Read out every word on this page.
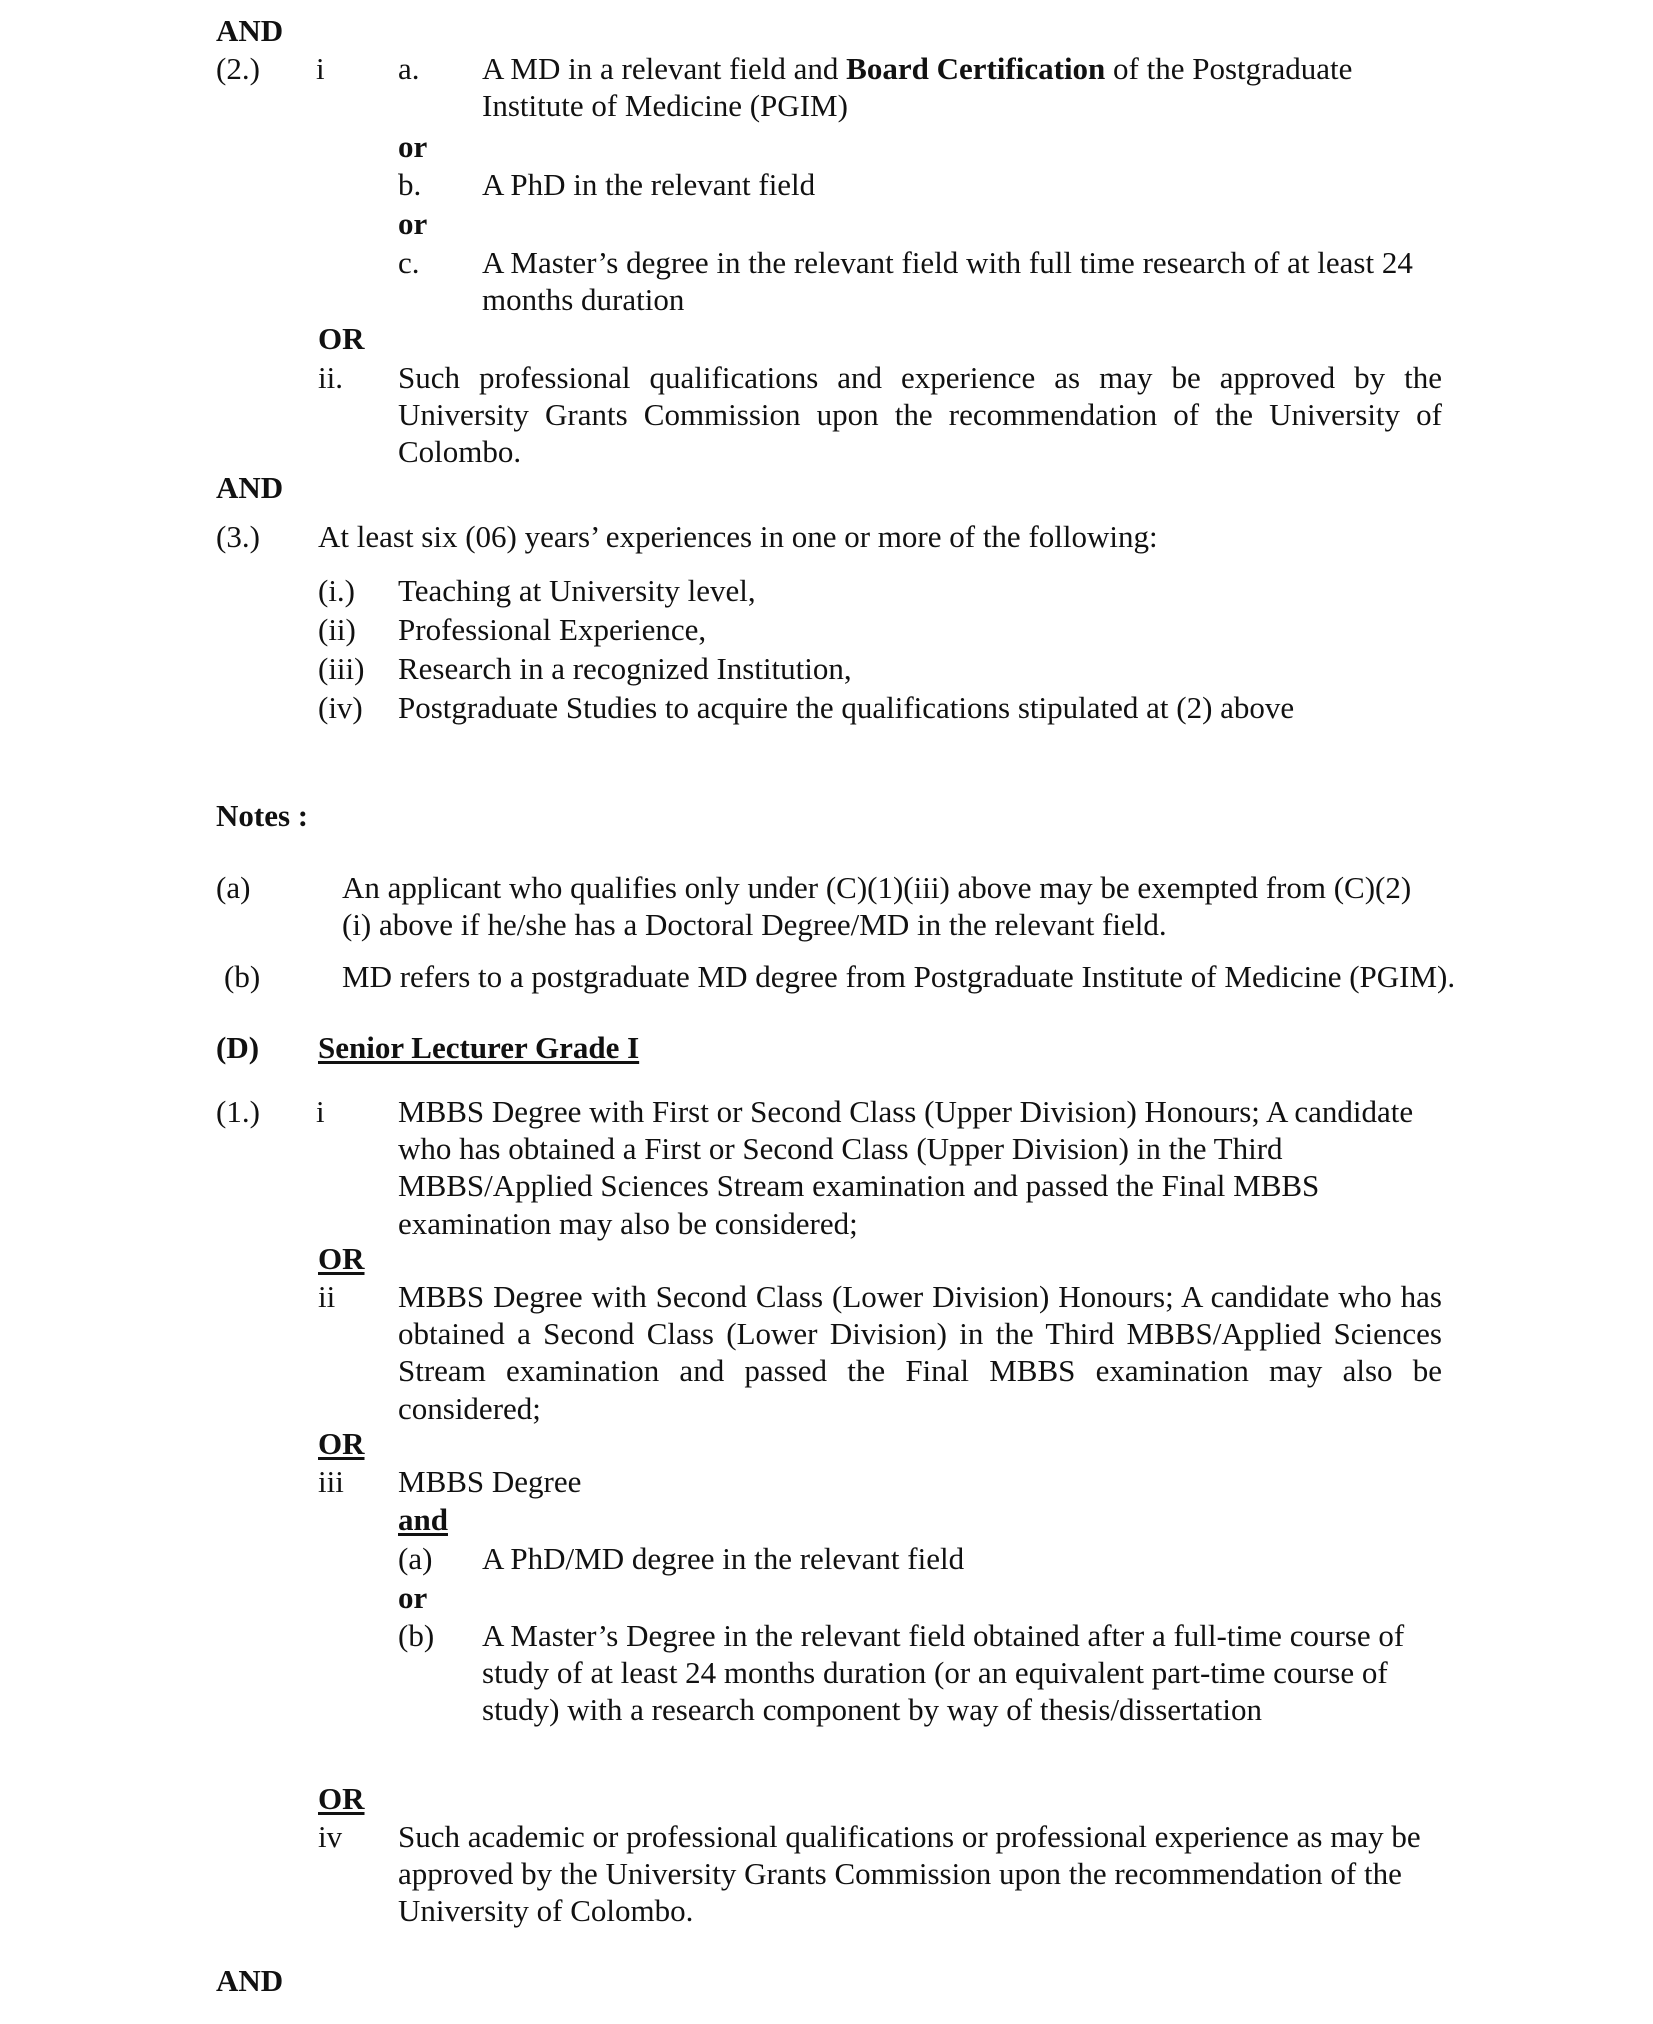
AND
(2.) i a. A MD in a relevant field and Board Certification of the Postgraduate Institute of Medicine (PGIM)
or
b. A PhD in the relevant field
or
c. A Master’s degree in the relevant field with full time research of at least 24 months duration
OR
ii. Such professional qualifications and experience as may be approved by the University Grants Commission upon the recommendation of the University of Colombo.
AND
(3.) At least six (06) years’ experiences in one or more of the following:
(i.) Teaching at University level,
(ii) Professional Experience,
(iii) Research in a recognized Institution,
(iv) Postgraduate Studies to acquire the qualifications stipulated at (2) above
Notes :
(a)	An applicant who qualifies only under (C)(1)(iii) above may be exempted from (C)(2) (i) above if he/she has a Doctoral Degree/MD in the relevant field.
(b)	MD refers to a postgraduate MD degree from Postgraduate Institute of Medicine (PGIM).
(D) Senior Lecturer Grade I
(1.) i MBBS Degree with First or Second Class (Upper Division) Honours; A candidate who has obtained a First or Second Class (Upper Division) in the Third MBBS/Applied Sciences Stream examination and passed the Final MBBS examination may also be considered;
OR
ii MBBS Degree with Second Class (Lower Division) Honours; A candidate who has obtained a Second Class (Lower Division) in the Third MBBS/Applied Sciences Stream examination and passed the Final MBBS examination may also be considered;
OR
iii MBBS Degree
and
(a) A PhD/MD degree in the relevant field
or
(b) A Master’s Degree in the relevant field obtained after a full-time course of study of at least 24 months duration (or an equivalent part-time course of study) with a research component by way of thesis/dissertation
OR
iv Such academic or professional qualifications or professional experience as may be approved by the University Grants Commission upon the recommendation of the University of Colombo.
AND
